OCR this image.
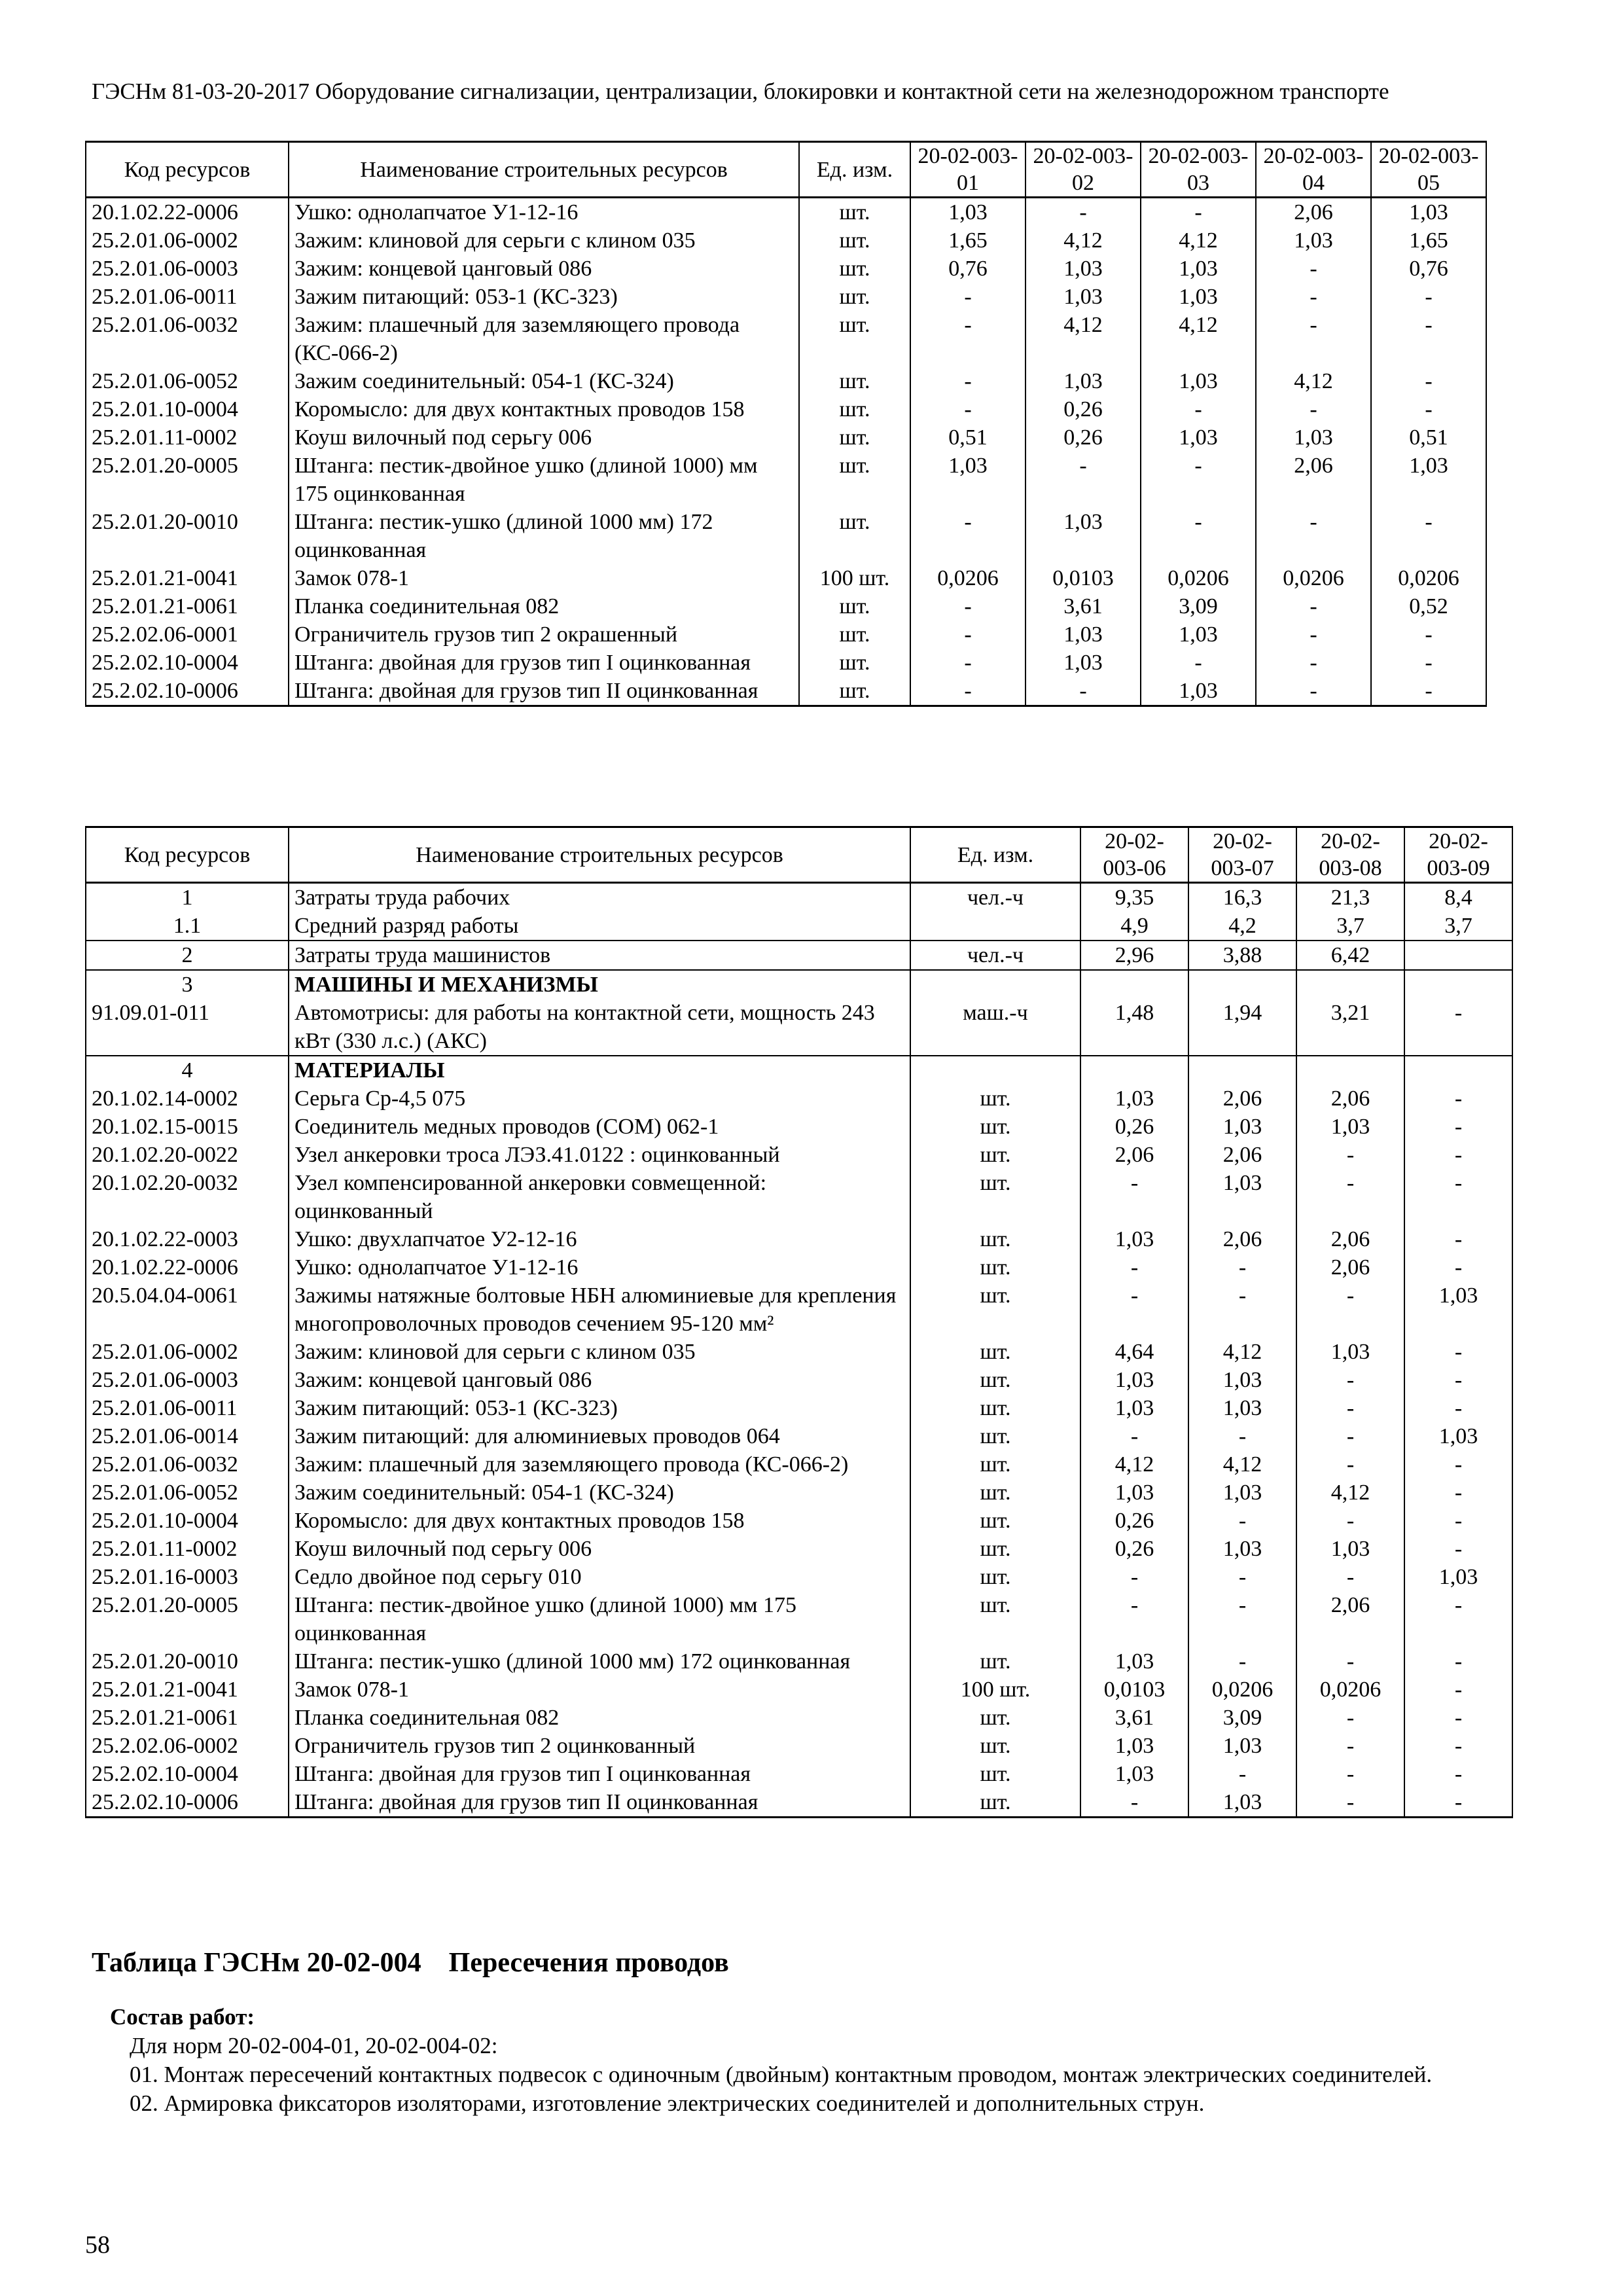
ГЭСНм 81-03-20-2017 Оборудование сигнализации, централизации, блокировки и контактной сети на железнодорожном транспорте
Код ресурсов	Наименование строительных ресурсов	Ед. изм.	20-02-​003-01	20-02-​003-02	20-02-​003-03	20-02-​003-04	20-02-​003-05
20.1.02.22-0006	Ушко: однолапчатое У1-12-16	шт.	1,03	-	-	2,06	1,03
25.2.01.06-0002	Зажим: клиновой для серьги с клином 035	шт.	1,65	4,12	4,12	1,03	1,65
25.2.01.06-0003	Зажим: концевой цанговый 086	шт.	0,76	1,03	1,03	-	0,76
25.2.01.06-0011	Зажим питающий: 053-1 (КС-323)	шт.	-	1,03	1,03	-	-
25.2.01.06-0032	Зажим: плашечный для заземляющего провода (КС-066-2)	шт.	-	4,12	4,12	-	-
25.2.01.06-0052	Зажим соединительный: 054-1 (КС-324)	шт.	-	1,03	1,03	4,12	-
25.2.01.10-0004	Коромысло: для двух контактных проводов 158	шт.	-	0,26	-	-	-
25.2.01.11-0002	Коуш вилочный под серьгу 006	шт.	0,51	0,26	1,03	1,03	0,51
25.2.01.20-0005	Штанга: пестик-двойное ушко (длиной 1000) мм 175 оцинкованная	шт.	1,03	-	-	2,06	1,03
25.2.01.20-0010	Штанга: пестик-ушко (длиной 1000 мм) 172 оцинкованная	шт.	-	1,03	-	-	-
25.2.01.21-0041	Замок 078-1	100 шт.	0,0206	0,0103	0,0206	0,0206	0,0206
25.2.01.21-0061	Планка соединительная 082	шт.	-	3,61	3,09	-	0,52
25.2.02.06-0001	Ограничитель грузов тип 2 окрашенный	шт.	-	1,03	1,03	-	-
25.2.02.10-0004	Штанга: двойная для грузов тип I оцинкованная	шт.	-	1,03	-	-	-
25.2.02.10-0006	Штанга: двойная для грузов тип II оцинкованная	шт.	-	-	1,03	-	-
Код ресурсов	Наименование строительных ресурсов	Ед. изм.	20-02-​003-06	20-02-​003-07	20-02-​003-08	20-02-​003-09
1	Затраты труда рабочих	чел.-ч	9,35	16,3	21,3	8,4
1.1	Средний разряд работы		4,9	4,2	3,7	3,7
2	Затраты труда машинистов	чел.-ч	2,96	3,88	6,42	
3	МАШИНЫ И МЕХАНИЗМЫ					
91.09.01-011	Автомотрисы: для работы на контактной сети, мощность 243 кВт (330 л.с.) (АКС)	маш.-ч	1,48	1,94	3,21	-
4	МАТЕРИАЛЫ					
20.1.02.14-0002	Серьга Ср-4,5 075	шт.	1,03	2,06	2,06	-
20.1.02.15-0015	Соединитель медных проводов (СОМ) 062-1	шт.	0,26	1,03	1,03	-
20.1.02.20-0022	Узел анкеровки троса ЛЭЗ.41.0122 : оцинкованный	шт.	2,06	2,06	-	-
20.1.02.20-0032	Узел компенсированной анкеровки совмещенной: оцинкованный	шт.	-	1,03	-	-
20.1.02.22-0003	Ушко: двухлапчатое У2-12-16	шт.	1,03	2,06	2,06	-
20.1.02.22-0006	Ушко: однолапчатое У1-12-16	шт.	-	-	2,06	-
20.5.04.04-0061	Зажимы натяжные болтовые НБН алюминиевые для крепления многопроволочных проводов сечением 95-120 мм²	шт.	-	-	-	1,03
25.2.01.06-0002	Зажим: клиновой для серьги с клином 035	шт.	4,64	4,12	1,03	-
25.2.01.06-0003	Зажим: концевой цанговый 086	шт.	1,03	1,03	-	-
25.2.01.06-0011	Зажим питающий: 053-1 (КС-323)	шт.	1,03	1,03	-	-
25.2.01.06-0014	Зажим питающий: для алюминиевых проводов 064	шт.	-	-	-	1,03
25.2.01.06-0032	Зажим: плашечный для заземляющего провода (КС-066-2)	шт.	4,12	4,12	-	-
25.2.01.06-0052	Зажим соединительный: 054-1 (КС-324)	шт.	1,03	1,03	4,12	-
25.2.01.10-0004	Коромысло: для двух контактных проводов 158	шт.	0,26	-	-	-
25.2.01.11-0002	Коуш вилочный под серьгу 006	шт.	0,26	1,03	1,03	-
25.2.01.16-0003	Седло двойное под серьгу 010	шт.	-	-	-	1,03
25.2.01.20-0005	Штанга: пестик-двойное ушко (длиной 1000) мм 175 оцинкованная	шт.	-	-	2,06	-
25.2.01.20-0010	Штанга: пестик-ушко (длиной 1000 мм) 172 оцинкованная	шт.	1,03	-	-	-
25.2.01.21-0041	Замок 078-1	100 шт.	0,0103	0,0206	0,0206	-
25.2.01.21-0061	Планка соединительная 082	шт.	3,61	3,09	-	-
25.2.02.06-0002	Ограничитель грузов тип 2 оцинкованный	шт.	1,03	1,03	-	-
25.2.02.10-0004	Штанга: двойная для грузов тип I оцинкованная	шт.	1,03	-	-	-
25.2.02.10-0006	Штанга: двойная для грузов тип II оцинкованная	шт.	-	1,03	-	-
Таблица ГЭСНм 20-02-004    Пересечения проводов
Состав работ:
Для норм 20-02-004-01, 20-02-004-02:
01. Монтаж пересечений контактных подвесок с одиночным (двойным) контактным проводом, монтаж электрических соединителей.
02. Армировка фиксаторов изоляторами, изготовление электрических соединителей и дополнительных струн.
58
